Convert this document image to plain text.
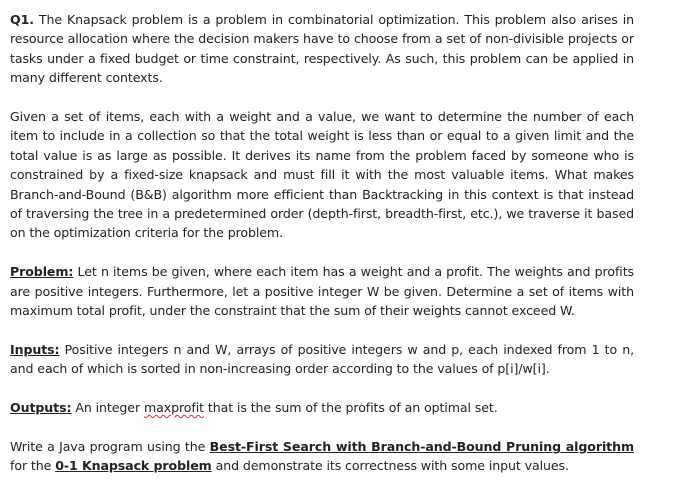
Q1. The Knapsack problem is a problem in combinatorial optimization. This problem also arises in resource allocation where the decision makers have to choose from a set of non-divisible projects or tasks under a fixed budget or time constraint, respectively. As such, this problem can be applied in many different contexts.

Given a set of items, each with a weight and a value, we want to determine the number of each item to include in a collection so that the total weight is less than or equal to a given limit and the total value is as large as possible. It derives its name from the problem faced by someone who is constrained by a fixed-size knapsack and must fill it with the most valuable items. What makes Branch-and-Bound (B&B) algorithm more efficient than Backtracking in this context is that instead of traversing the tree in a predetermined order (depth-first, breadth-first, etc.), we traverse it based on the optimization criteria for the problem.

Problem: Let n items be given, where each item has a weight and a profit. The weights and profits are positive integers. Furthermore, let a positive integer W be given. Determine a set of items with maximum total profit, under the constraint that the sum of their weights cannot exceed W.

Inputs: Positive integers n and W, arrays of positive integers w and p, each indexed from 1 to n, and each of which is sorted in non-increasing order according to the values of p[i]/w[i].

Outputs: An integer maxprofit that is the sum of the profits of an optimal set.

Write a Java program using the Best-First Search with Branch-and-Bound Pruning algorithm for the 0-1 Knapsack problem and demonstrate its correctness with some input values.
